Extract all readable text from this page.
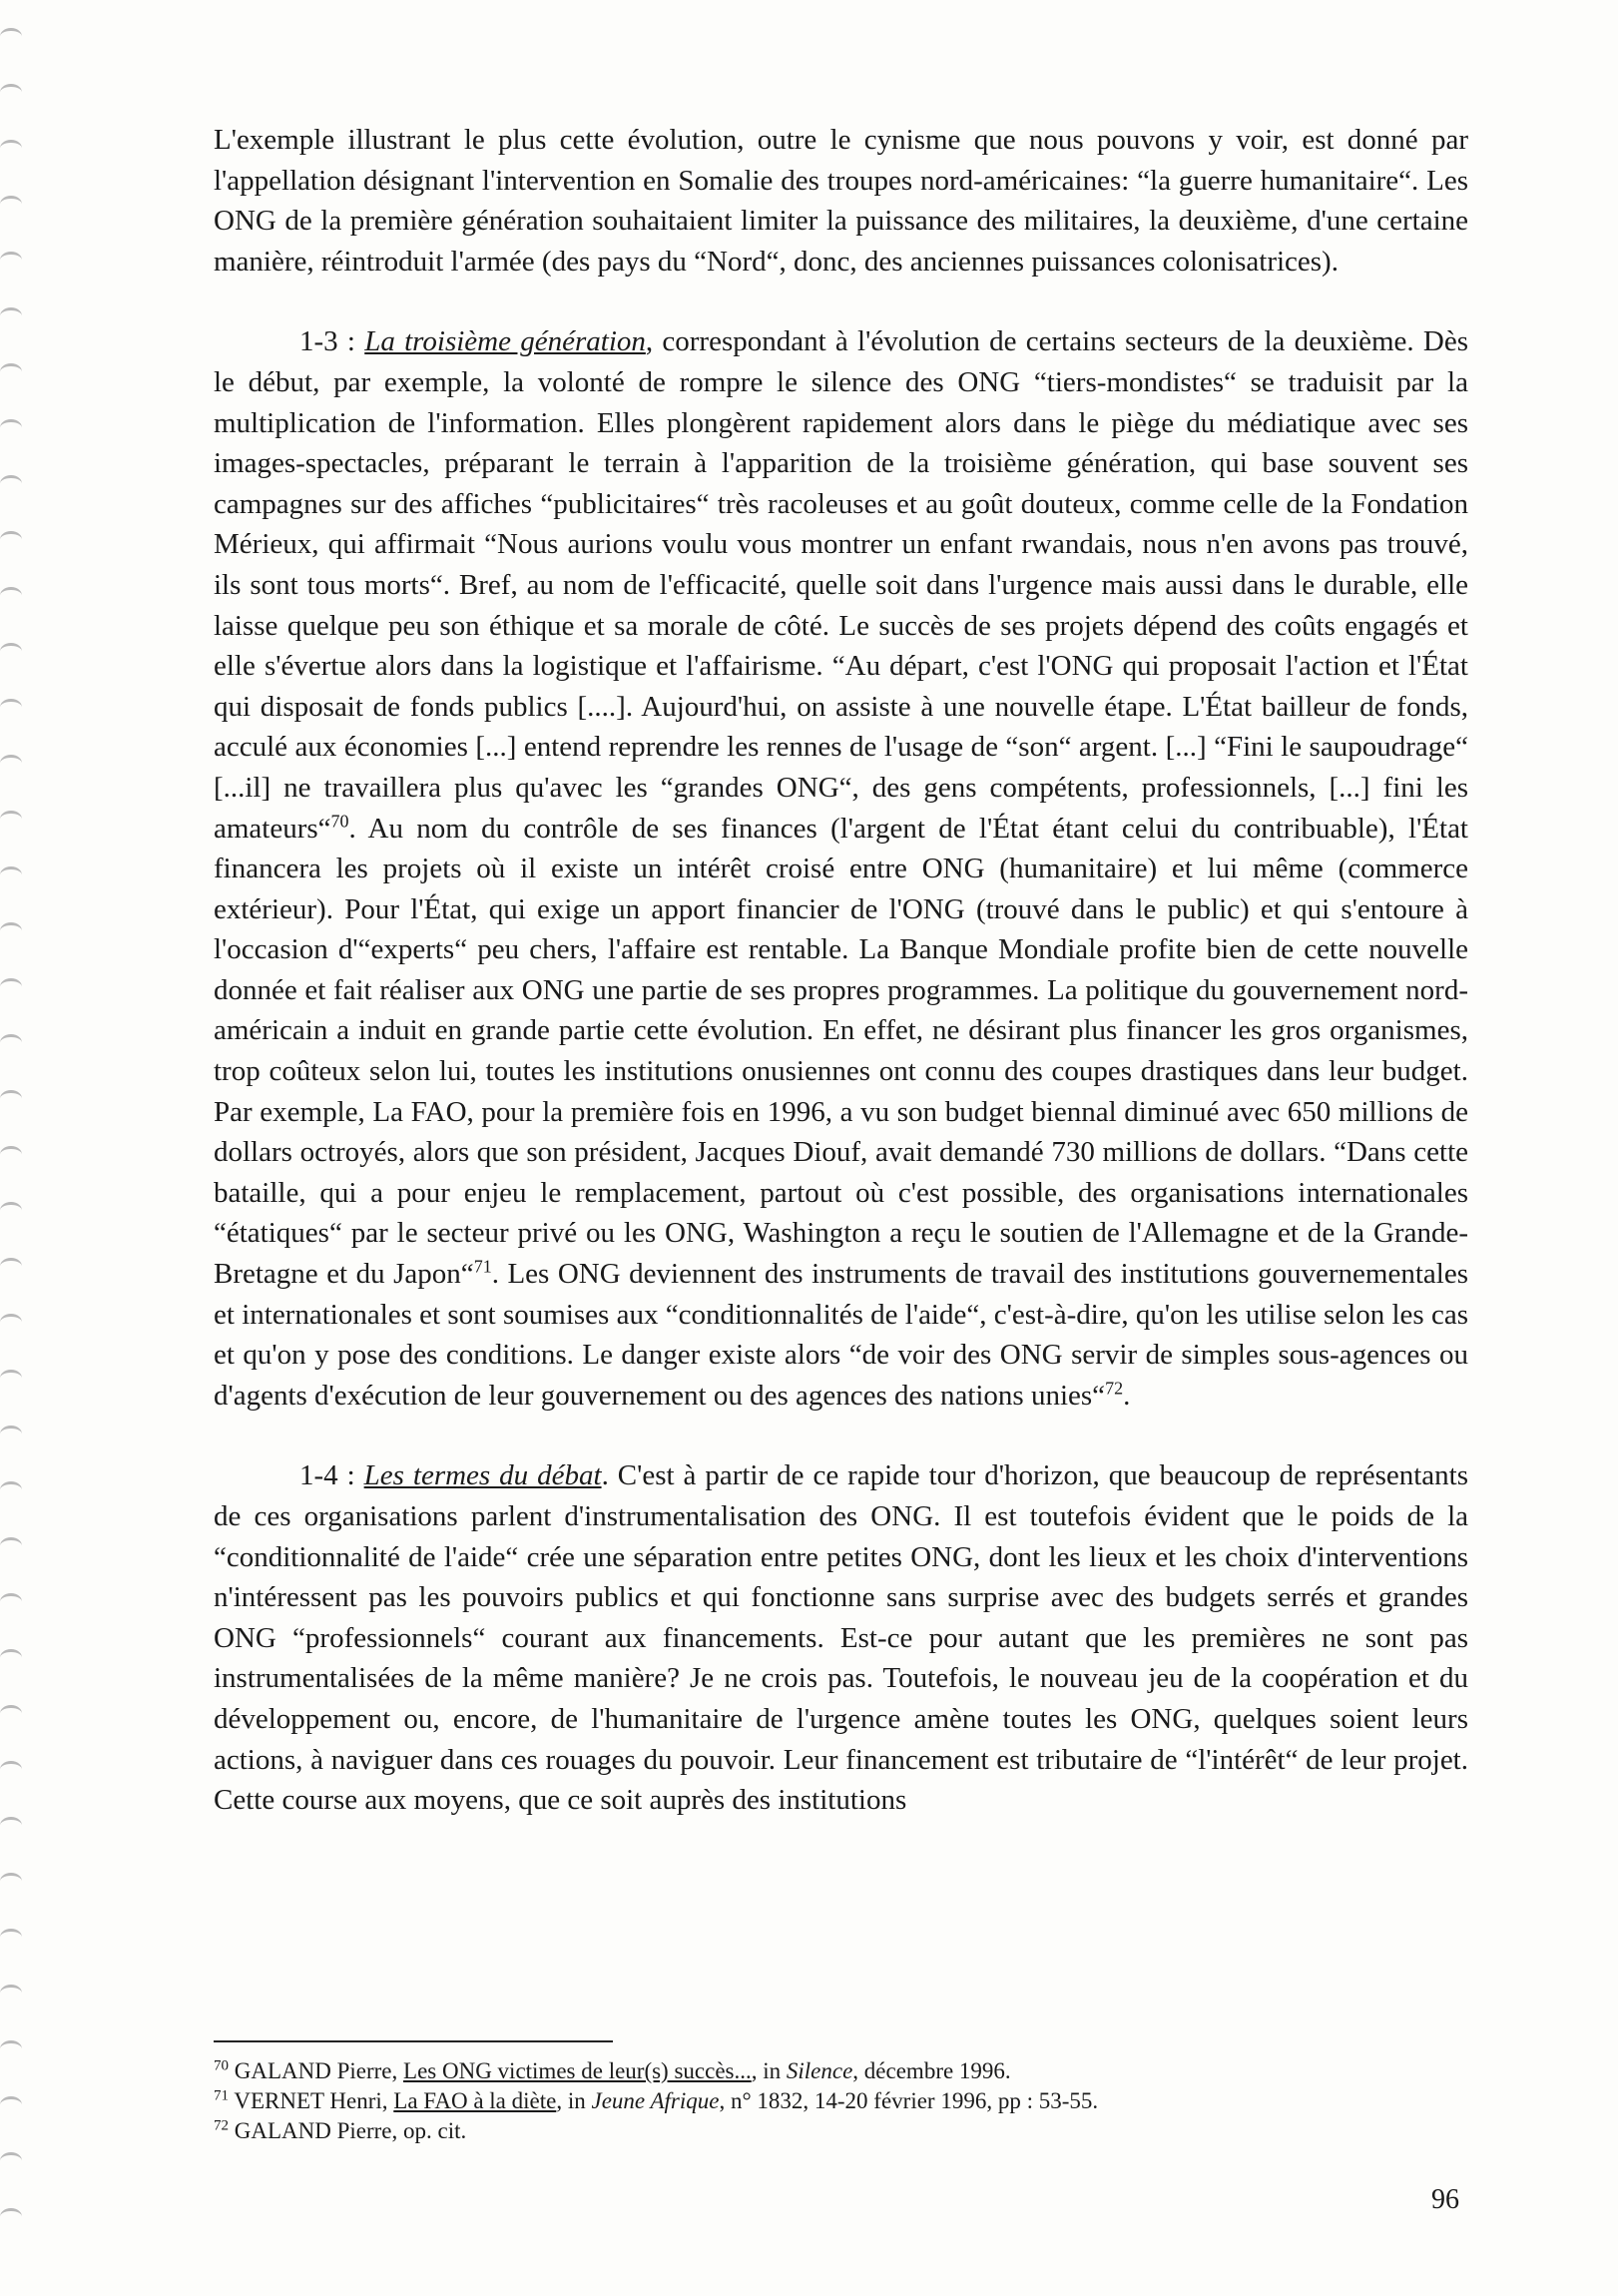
L'exemple illustrant le plus cette évolution, outre le cynisme que nous pouvons y voir, est donné par l'appellation désignant l'intervention en Somalie des troupes nord-américaines: “la guerre humanitaire“. Les ONG de la première génération souhaitaient limiter la puissance des militaires, la deuxième, d'une certaine manière, réintroduit l'armée (des pays du “Nord“, donc, des anciennes puissances colonisatrices).

1-3 : La troisième génération, correspondant à l'évolution de certains secteurs de la deuxième. Dès le début, par exemple, la volonté de rompre le silence des ONG “tiers-mondistes“ se traduisit par la multiplication de l'information. Elles plongèrent rapidement alors dans le piège du médiatique avec ses images-spectacles, préparant le terrain à l'apparition de la troisième génération, qui base souvent ses campagnes sur des affiches “publicitaires“ très racoleuses et au goût douteux, comme celle de la Fondation Mérieux, qui affirmait “Nous aurions voulu vous montrer un enfant rwandais, nous n'en avons pas trouvé, ils sont tous morts“. Bref, au nom de l'efficacité, quelle soit dans l'urgence mais aussi dans le durable, elle laisse quelque peu son éthique et sa morale de côté. Le succès de ses projets dépend des coûts engagés et elle s'évertue alors dans la logistique et l'affairisme. “Au départ, c'est l'ONG qui proposait l'action et l'État qui disposait de fonds publics [....]. Aujourd'hui, on assiste à une nouvelle étape. L'État bailleur de fonds, acculé aux économies [...] entend reprendre les rennes de l'usage de “son“ argent. [...] “Fini le saupoudrage“ [...il] ne travaillera plus qu'avec les “grandes ONG“, des gens compétents, professionnels, [...] fini les amateurs“$^{70}$. Au nom du contrôle de ses finances (l'argent de l'État étant celui du contribuable), l'État financera les projets où il existe un intérêt croisé entre ONG (humanitaire) et lui même (commerce extérieur). Pour l'État, qui exige un apport financier de l'ONG (trouvé dans le public) et qui s'entoure à l'occasion d'“experts“ peu chers, l'affaire est rentable. La Banque Mondiale profite bien de cette nouvelle donnée et fait réaliser aux ONG une partie de ses propres programmes. La politique du gouvernement nord-américain a induit en grande partie cette évolution. En effet, ne désirant plus financer les gros organismes, trop coûteux selon lui, toutes les institutions onusiennes ont connu des coupes drastiques dans leur budget. Par exemple, La FAO, pour la première fois en 1996, a vu son budget biennal diminué avec 650 millions de dollars octroyés, alors que son président, Jacques Diouf, avait demandé 730 millions de dollars. “Dans cette bataille, qui a pour enjeu le remplacement, partout où c'est possible, des organisations internationales “étatiques“ par le secteur privé ou les ONG, Washington a reçu le soutien de l'Allemagne et de la Grande-Bretagne et du Japon“$^{71}$. Les ONG deviennent des instruments de travail des institutions gouvernementales et internationales et sont soumises aux “conditionnalités de l'aide“, c'est-à-dire, qu'on les utilise selon les cas et qu'on y pose des conditions. Le danger existe alors “de voir des ONG servir de simples sous-agences ou d'agents d'exécution de leur gouvernement ou des agences des nations unies“$^{72}$.

1-4 : Les termes du débat. C'est à partir de ce rapide tour d'horizon, que beaucoup de représentants de ces organisations parlent d'instrumentalisation des ONG. Il est toutefois évident que le poids de la “conditionnalité de l'aide“ crée une séparation entre petites ONG, dont les lieux et les choix d'interventions n'intéressent pas les pouvoirs publics et qui fonctionne sans surprise avec des budgets serrés et grandes ONG “professionnels“ courant aux financements. Est-ce pour autant que les premières ne sont pas instrumentalisées de la même manière? Je ne crois pas. Toutefois, le nouveau jeu de la coopération et du développement ou, encore, de l'humanitaire de l'urgence amène toutes les ONG, quelques soient leurs actions, à naviguer dans ces rouages du pouvoir. Leur financement est tributaire de “l'intérêt“ de leur projet. Cette course aux moyens, que ce soit auprès des institutions

$^{70}$ GALAND Pierre, Les ONG victimes de leur(s) succès..., in Silence, décembre 1996.
$^{71}$ VERNET Henri, La FAO à la diète, in Jeune Afrique, n° 1832, 14-20 février 1996, pp : 53-55.
$^{72}$ GALAND Pierre, op. cit.
96
